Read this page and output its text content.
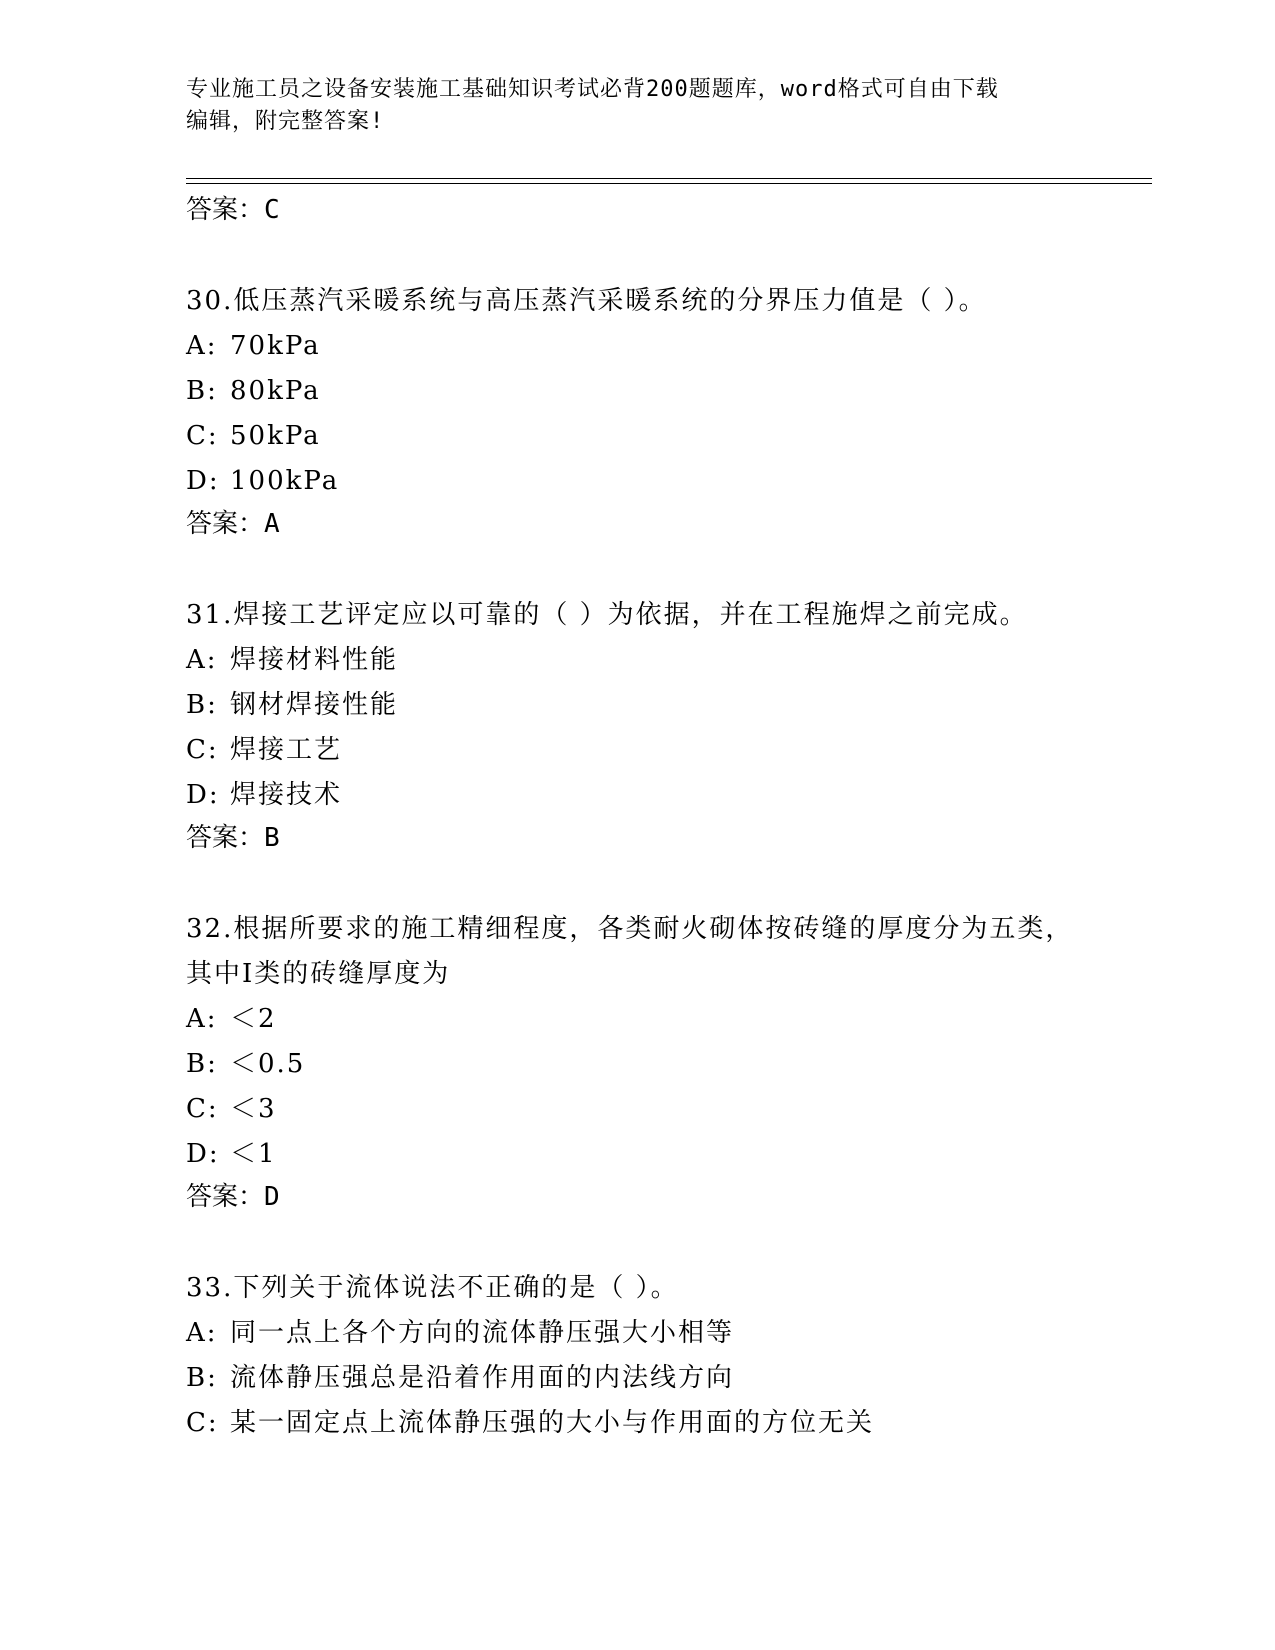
专业施工员之设备安装施工基础知识考试必背200题题库，word格式可自由下载
编辑，附完整答案!
答案：C
30.低压蒸汽采暖系统与高压蒸汽采暖系统的分界压力值是（ ）。
A: 70kPa
B: 80kPa
C: 50kPa
D: 100kPa
答案：A
31.焊接工艺评定应以可靠的（ ）为依据，并在工程施焊之前完成。
A: 焊接材料性能
B: 钢材焊接性能
C: 焊接工艺
D: 焊接技术
答案：B
32.根据所要求的施工精细程度，各类耐火砌体按砖缝的厚度分为五类，其中Ⅰ类的砖缝厚度为
A: ＜2
B: ＜0.5
C: ＜3
D: ＜1
答案：D
33.下列关于流体说法不正确的是（ ）。
A: 同一点上各个方向的流体静压强大小相等
B: 流体静压强总是沿着作用面的内法线方向
C: 某一固定点上流体静压强的大小与作用面的方位无关
